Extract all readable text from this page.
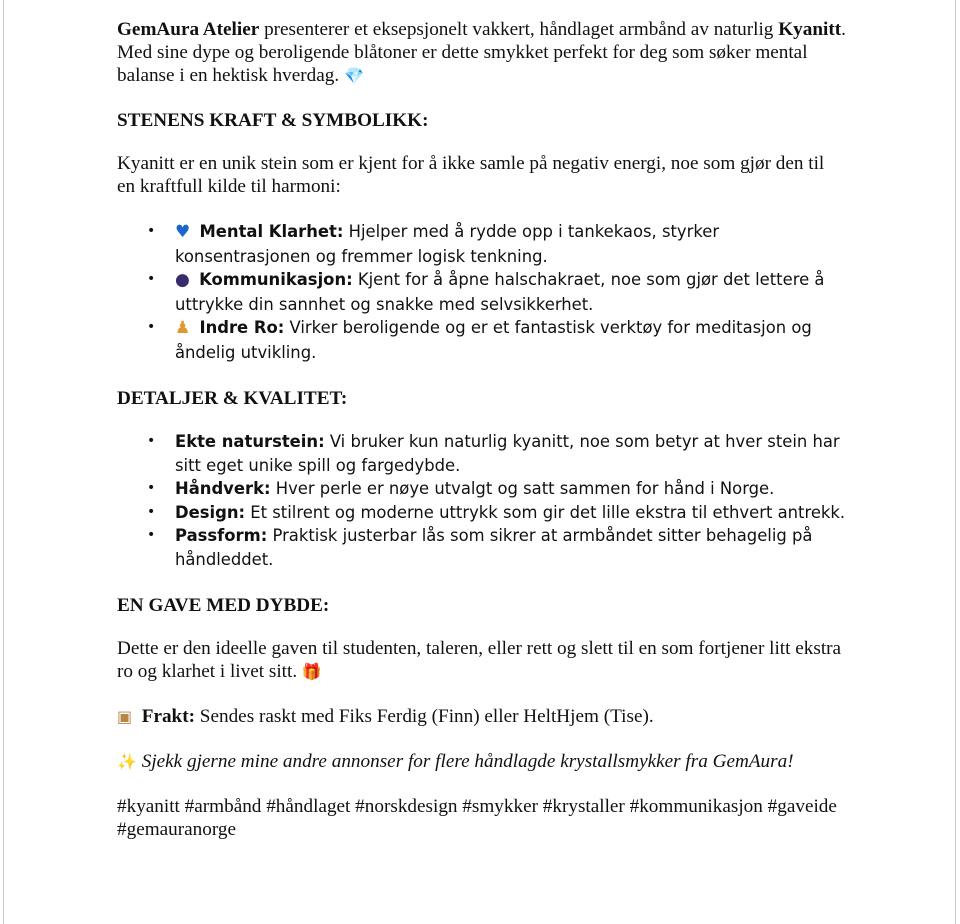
GemAura Atelier presenterer et eksepsjonelt vakkert, håndlaget armbånd av naturlig Kyanitt. Med sine dype og beroligende blåtoner er dette smykket perfekt for deg som søker mental balanse i en hektisk hverdag. 💎

STENENS KRAFT & SYMBOLIKK:

Kyanitt er en unik stein som er kjent for å ikke samle på negativ energi, noe som gjør den til en kraftfull kilde til harmoni:

• ♥ Mental Klarhet: Hjelper med å rydde opp i tankekaos, styrker konsentrasjonen og fremmer logisk tenkning.
• ● Kommunikasjon: Kjent for å åpne halschakraet, noe som gjør det lettere å uttrykke din sannhet og snakke med selvsikkerhet.
• ♟ Indre Ro: Virker beroligende og er et fantastisk verktøy for meditasjon og åndelig utvikling.
DETALJER & KVALITET:
• Ekte naturstein: Vi bruker kun naturlig kyanitt, noe som betyr at hver stein har sitt eget unike spill og fargedybde.
• Håndverk: Hver perle er nøye utvalgt og satt sammen for hånd i Norge.
• Design: Et stilrent og moderne uttrykk som gir det lille ekstra til ethvert antrekk.
• Passform: Praktisk justerbar lås som sikrer at armbåndet sitter behagelig på håndleddet.
EN GAVE MED DYBDE:

Dette er den ideelle gaven til studenten, taleren, eller rett og slett til en som fortjener litt ekstra ro og klarhet i livet sitt. 🎁

▣ Frakt: Sendes raskt med Fiks Ferdig (Finn) eller HeltHjem (Tise).

✨ Sjekk gjerne mine andre annonser for flere håndlagde krystallsmykker fra GemAura!

#kyanitt #armbånd #håndlaget #norskdesign #smykker #krystaller #kommunikasjon #gaveide #gemauranorge
